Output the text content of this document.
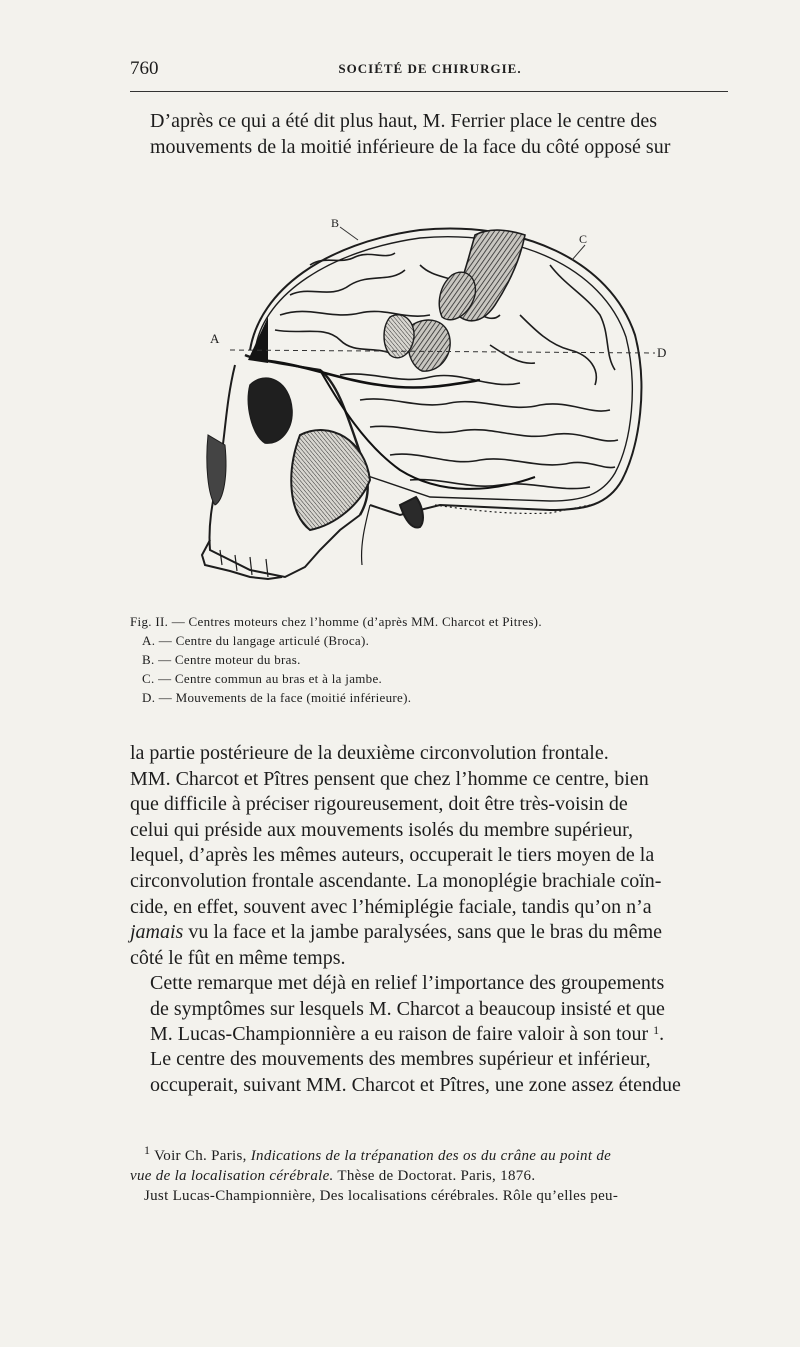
760	SOCIÉTÉ DE CHIRURGIE.

D’après ce qui a été dit plus haut, M. Ferrier place le centre des
mouvements de la moitié inférieure de la face du côté opposé sur

A
B
C
D
Fig. II. — Centres moteurs chez l’homme (d’après MM. Charcot et Pitres).
A. — Centre du langage articulé (Broca).
B. — Centre moteur du bras.
C. — Centre commun au bras et à la jambe.
D. — Mouvements de la face (moitié inférieure).

la partie postérieure de la deuxième circonvolution frontale.
MM. Charcot et Pîtres pensent que chez l’homme ce centre, bien
que difficile à préciser rigoureusement, doit être très-voisin de
celui qui préside aux mouvements isolés du membre supérieur,
lequel, d’après les mêmes auteurs, occuperait le tiers moyen de la
circonvolution frontale ascendante. La monoplégie brachiale coïn-
cide, en effet, souvent avec l’hémiplégie faciale, tandis qu’on n’a
jamais vu la face et la jambe paralysées, sans que le bras du même
côté le fût en même temps.

Cette remarque met déjà en relief l’importance des groupements
de symptômes sur lesquels M. Charcot a beaucoup insisté et que
M. Lucas-Championnière a eu raison de faire valoir à son tour $^1$.

Le centre des mouvements des membres supérieur et inférieur,
occuperait, suivant MM. Charcot et Pîtres, une zone assez étendue

$^1$ Voir Ch. Paris, Indications de la trépanation des os du crâne au point de
vue de la localisation cérébrale. Thèse de Doctorat. Paris, 1876.
Just Lucas-Championnière, Des localisations cérébrales. Rôle qu’elles peu-
